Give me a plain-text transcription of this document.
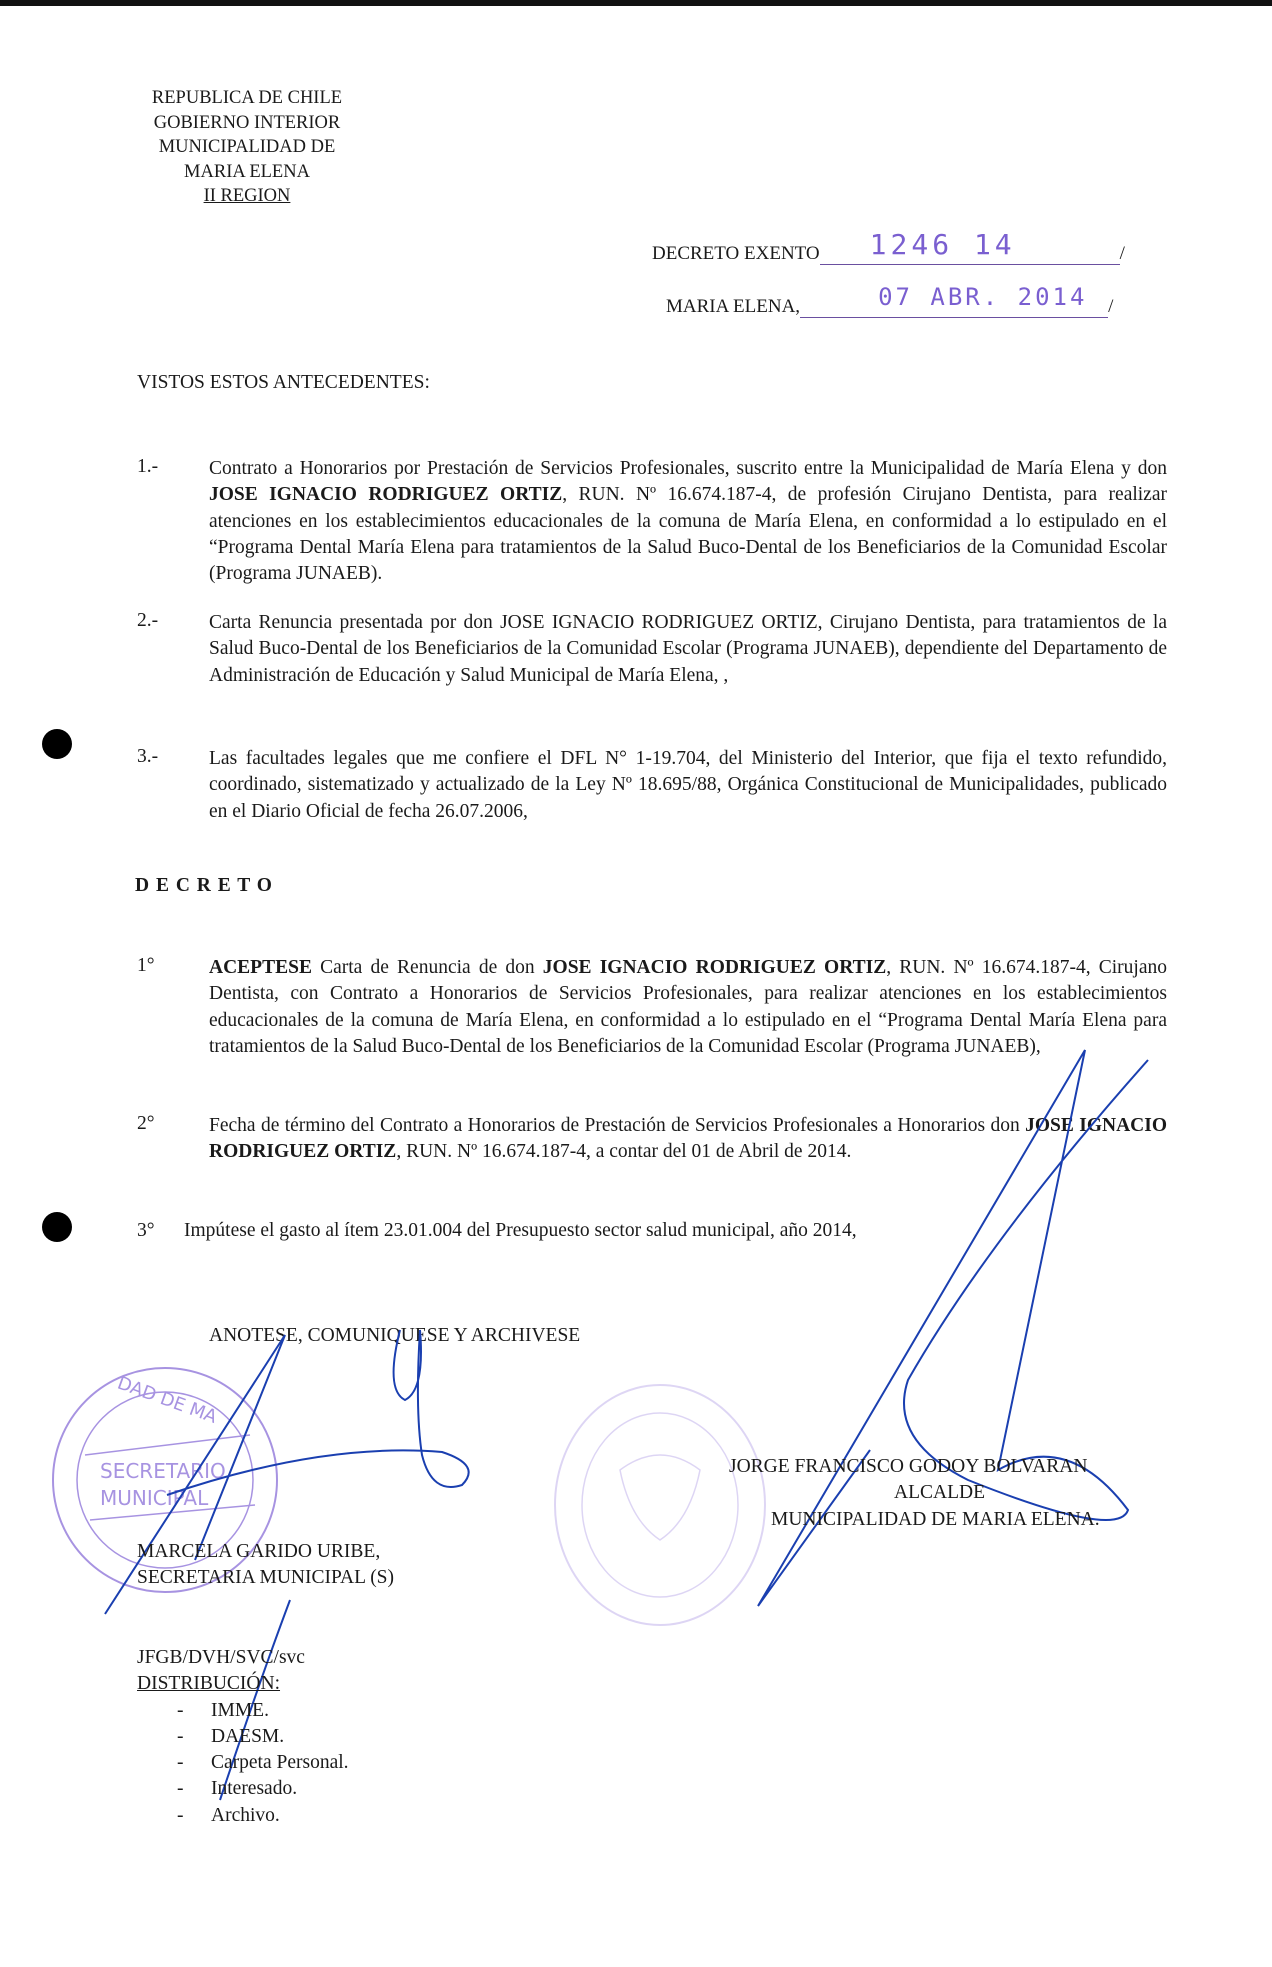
REPUBLICA DE CHILE
GOBIERNO INTERIOR
MUNICIPALIDAD DE
MARIA ELENA
II REGION
DECRETO EXENTO 1246 14	/
MARIA ELENA,	07 ABR. 2014 /
VISTOS ESTOS ANTECEDENTES:
1.-	Contrato a Honorarios por Prestación de Servicios Profesionales, suscrito entre la Municipalidad de María Elena y don JOSE IGNACIO RODRIGUEZ ORTIZ, RUN. Nº 16.674.187-4, de profesión Cirujano Dentista, para realizar atenciones en los establecimientos educacionales de la comuna de María Elena, en conformidad a lo estipulado en el “Programa Dental María Elena para tratamientos de la Salud Buco-Dental de los Beneficiarios de la Comunidad Escolar (Programa JUNAEB).
2.-	Carta Renuncia presentada por don JOSE IGNACIO RODRIGUEZ ORTIZ, Cirujano Dentista, para tratamientos de la Salud Buco-Dental de los Beneficiarios de la Comunidad Escolar (Programa JUNAEB), dependiente del Departamento de Administración de Educación y Salud Municipal de María Elena, ,
3.-	Las facultades legales que me confiere el DFL N° 1-19.704, del Ministerio del Interior, que fija el texto refundido, coordinado, sistematizado y actualizado de la Ley Nº 18.695/88, Orgánica Constitucional de Municipalidades, publicado en el Diario Oficial de fecha 26.07.2006,
D E C R E T O
1°	ACEPTESE Carta de Renuncia de don JOSE IGNACIO RODRIGUEZ ORTIZ, RUN. Nº 16.674.187-4, Cirujano Dentista, con Contrato a Honorarios de Servicios Profesionales, para realizar atenciones en los establecimientos educacionales de la comuna de María Elena, en conformidad a lo estipulado en el “Programa Dental María Elena para tratamientos de la Salud Buco-Dental de los Beneficiarios de la Comunidad Escolar (Programa JUNAEB),
2°	Fecha de término del Contrato a Honorarios de Prestación de Servicios Profesionales a Honorarios don JOSE IGNACIO RODRIGUEZ ORTIZ, RUN. Nº 16.674.187-4, a contar del 01 de Abril de 2014.
3° Impútese el gasto al ítem 23.01.004 del Presupuesto sector salud municipal, año 2014,
ANOTESE, COMUNIQUESE Y ARCHIVESE
SECRETARIO
MUNICIPAL
DAD DE MA
JORGE FRANCISCO GODOY BOLVARAN
ALCALDE
MUNICIPALIDAD DE MARIA ELENA.
MARCELA GARIDO URIBE,
SECRETARIA MUNICIPAL (S)
JFGB/DVH/SVC/svc
DISTRIBUCIÓN:
- IMME.
- DAESM.
- Carpeta Personal.
- Interesado.
- Archivo.
